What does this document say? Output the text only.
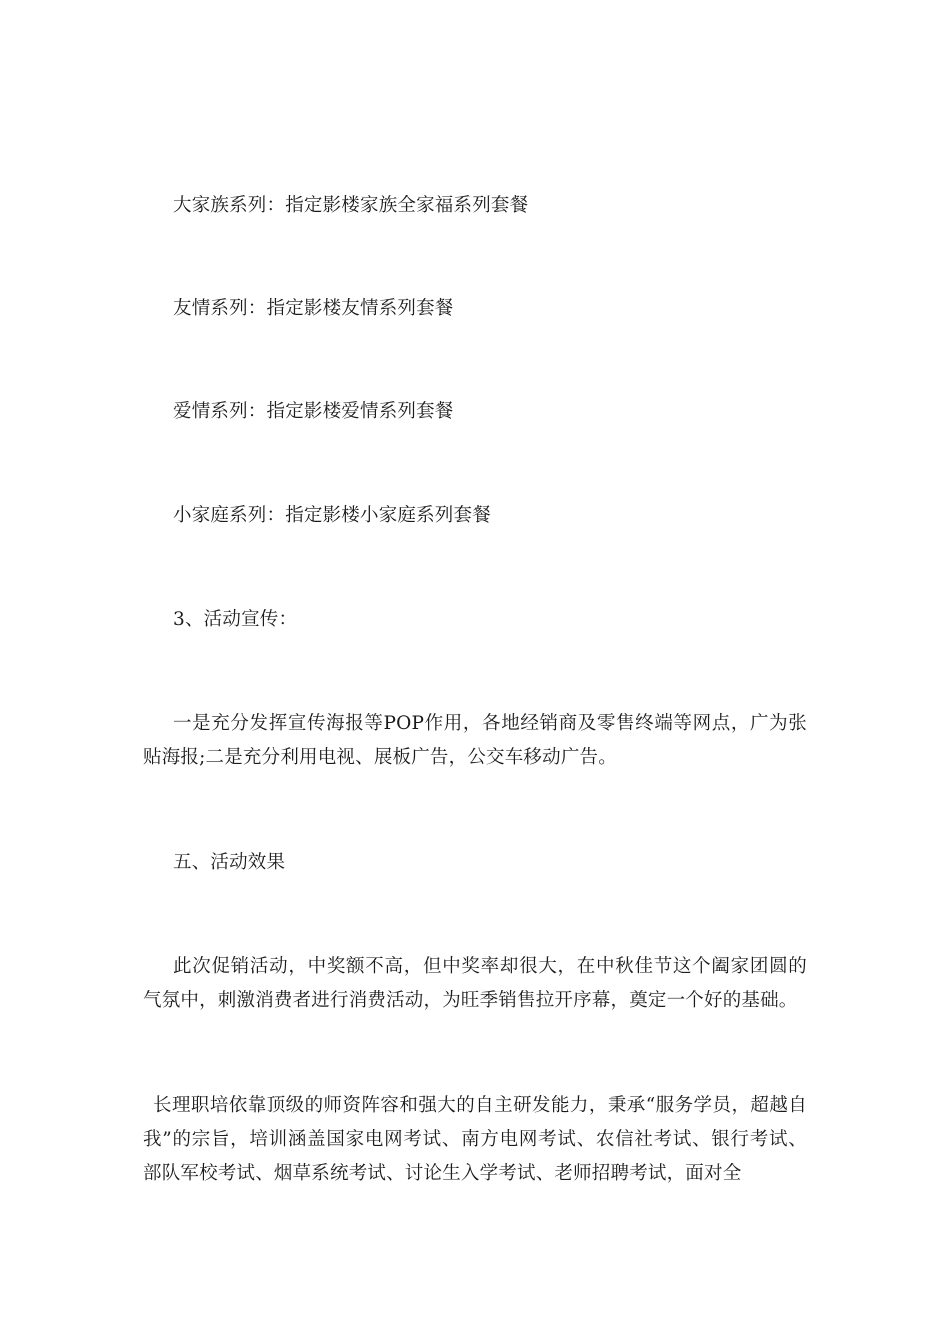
大家族系列：指定影楼家族全家福系列套餐

友情系列：指定影楼友情系列套餐

爱情系列：指定影楼爱情系列套餐

小家庭系列：指定影楼小家庭系列套餐

3、活动宣传：

一是充分发挥宣传海报等POP作用，各地经销商及零售终端等网点，广为张贴海报;二是充分利用电视、展板广告，公交车移动广告。

五、活动效果

此次促销活动，中奖额不高，但中奖率却很大，在中秋佳节这个阖家团圆的气氛中，刺激消费者进行消费活动，为旺季销售拉开序幕，奠定一个好的基础。

长理职培依靠顶级的师资阵容和强大的自主研发能力，秉承“服务学员，超越自我”的宗旨，培训涵盖国家电网考试、南方电网考试、农信社考试、银行考试、部队军校考试、烟草系统考试、讨论生入学考试、老师招聘考试，面对全
